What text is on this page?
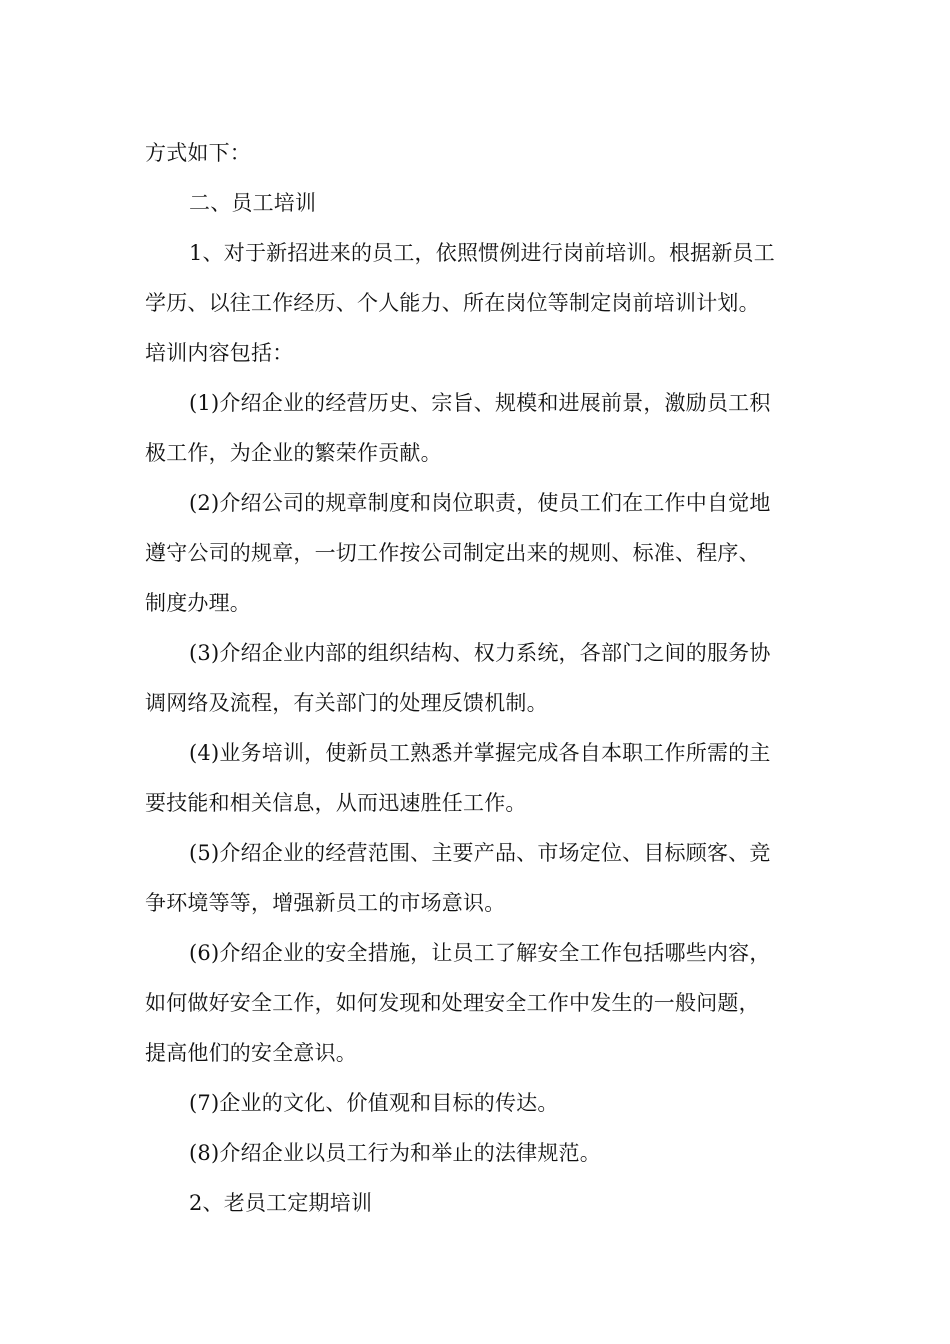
方式如下：
二、员工培训
1、对于新招进来的员工，依照惯例进行岗前培训。根据新员工
学历、以往工作经历、个人能力、所在岗位等制定岗前培训计划。
培训内容包括：
(1)介绍企业的经营历史、宗旨、规模和进展前景，激励员工积
极工作，为企业的繁荣作贡献。
(2)介绍公司的规章制度和岗位职责，使员工们在工作中自觉地
遵守公司的规章，一切工作按公司制定出来的规则、标准、程序、
制度办理。
(3)介绍企业内部的组织结构、权力系统，各部门之间的服务协
调网络及流程，有关部门的处理反馈机制。
(4)业务培训，使新员工熟悉并掌握完成各自本职工作所需的主
要技能和相关信息，从而迅速胜任工作。
(5)介绍企业的经营范围、主要产品、市场定位、目标顾客、竞
争环境等等，增强新员工的市场意识。
(6)介绍企业的安全措施，让员工了解安全工作包括哪些内容，
如何做好安全工作，如何发现和处理安全工作中发生的一般问题，
提高他们的安全意识。
(7)企业的文化、价值观和目标的传达。
(8)介绍企业以员工行为和举止的法律规范。
2、老员工定期培训
